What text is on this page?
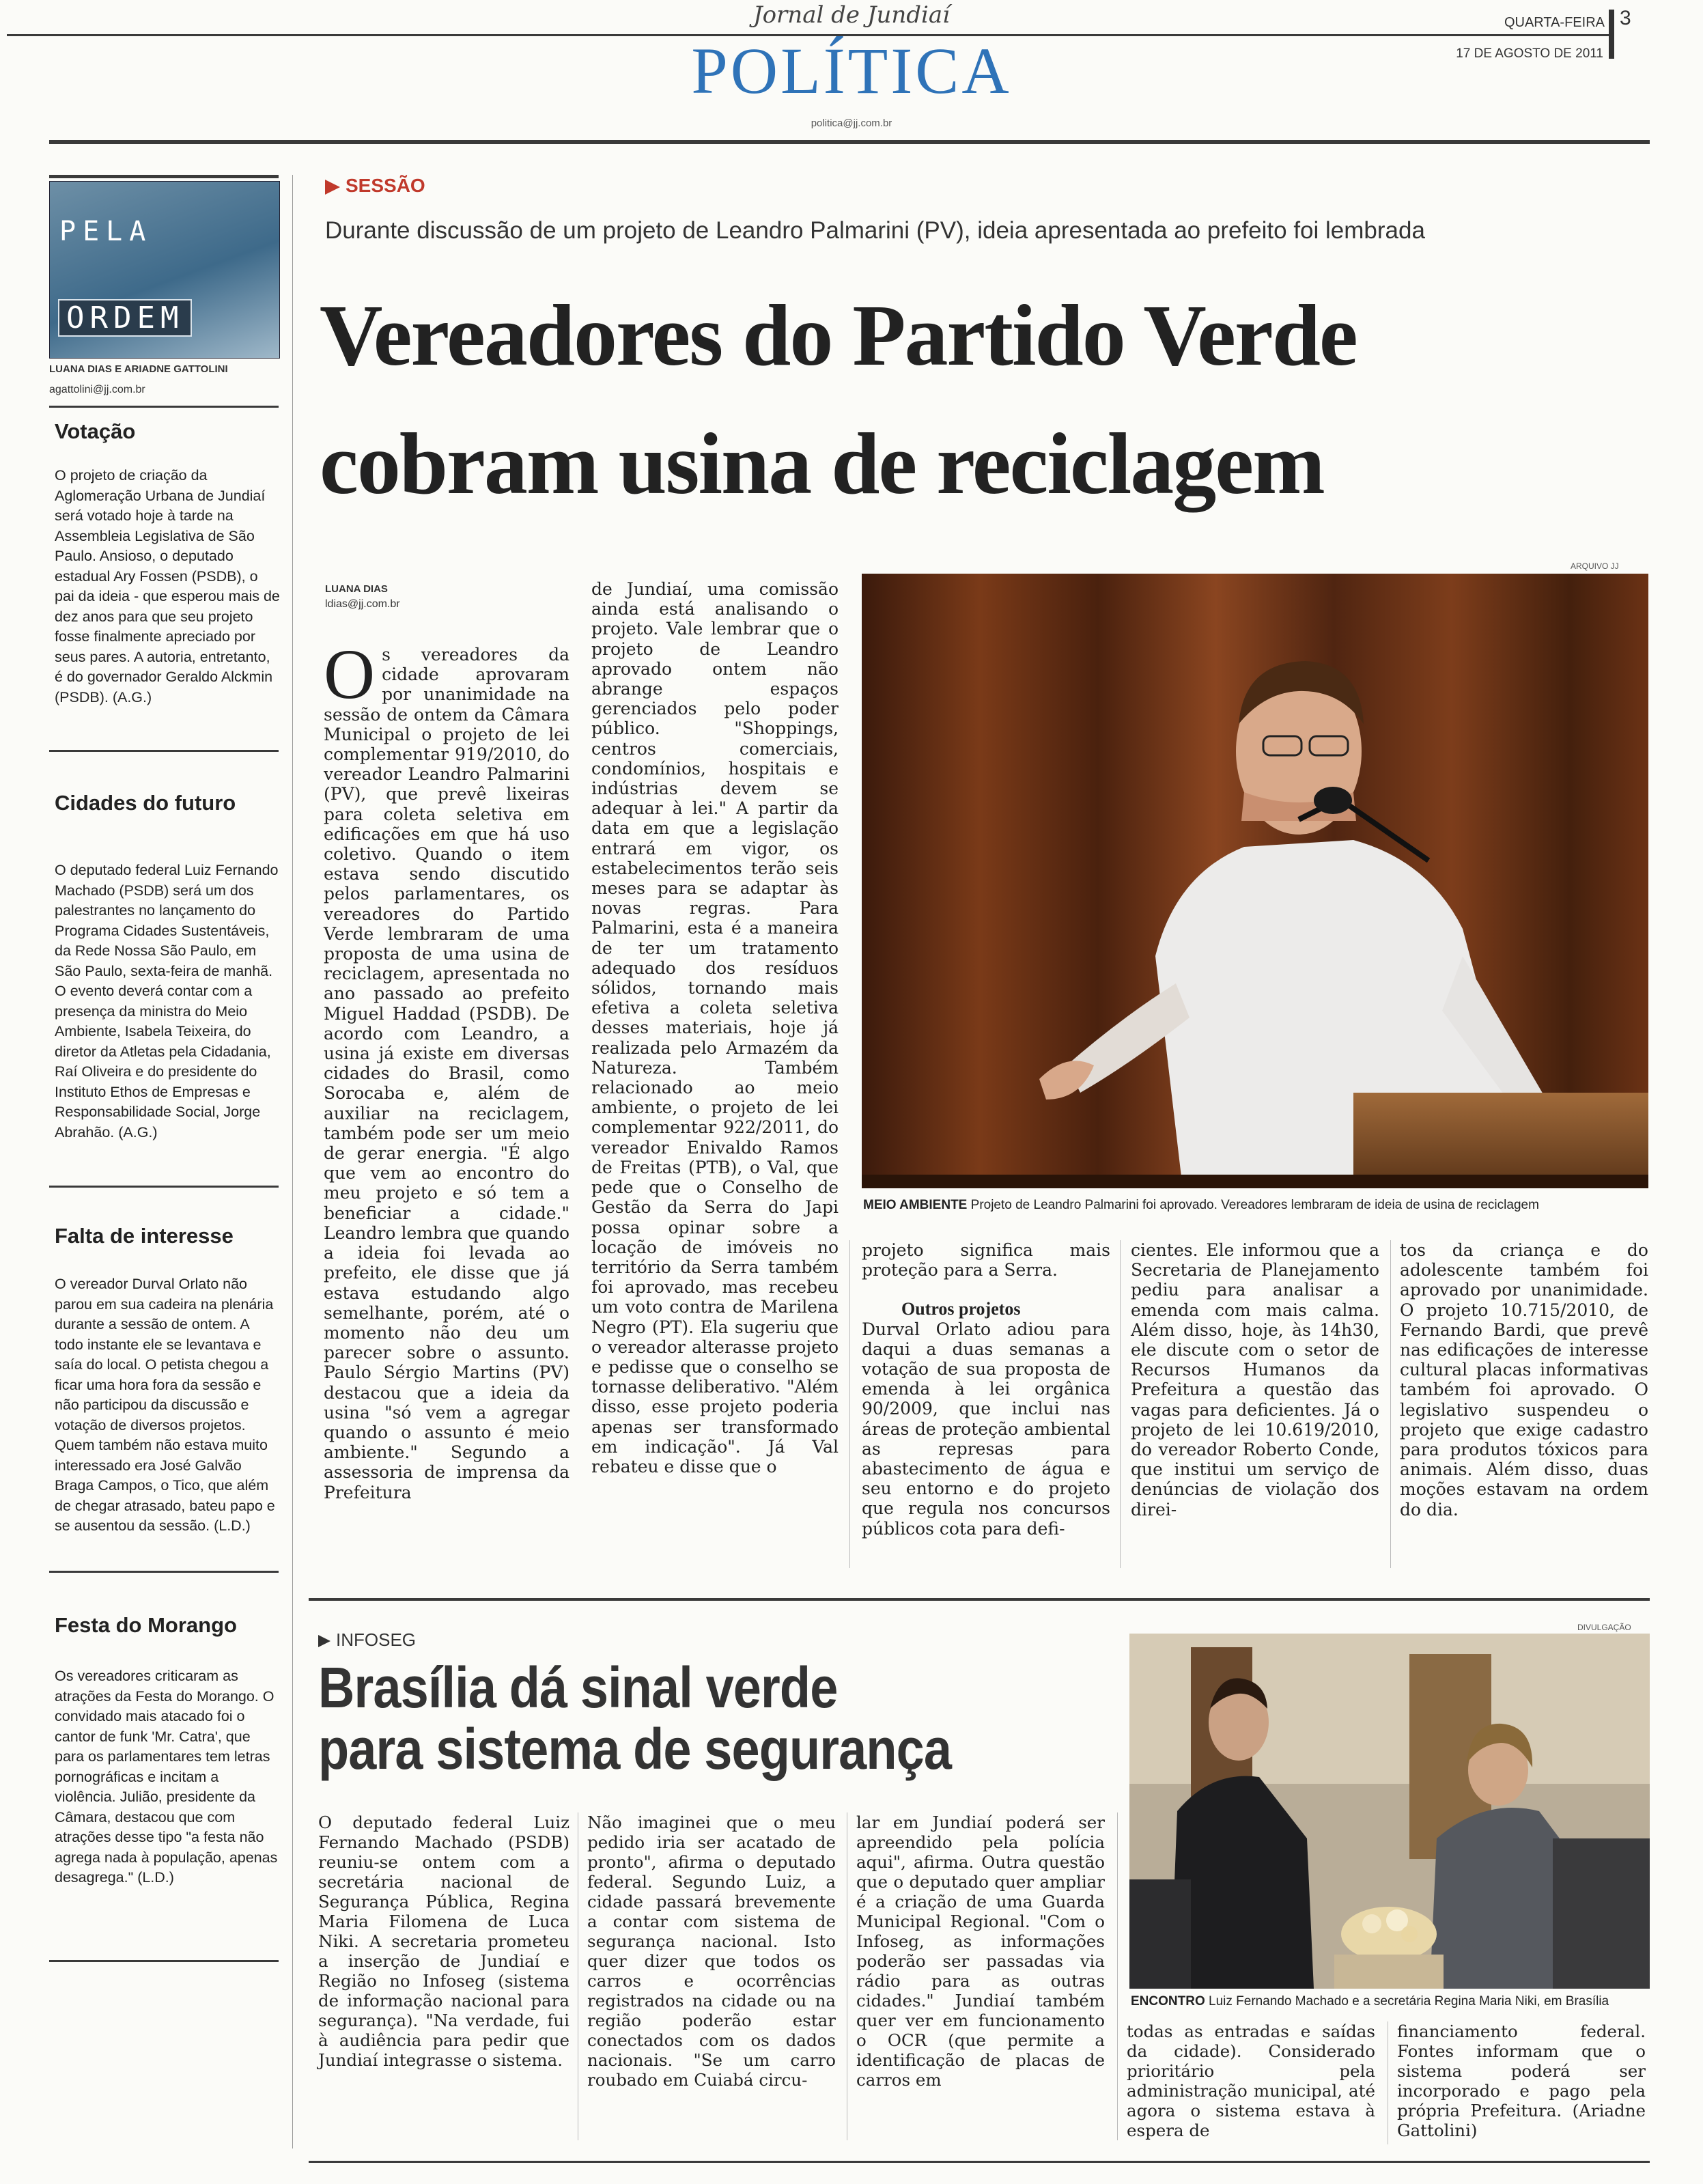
Jornal de Jundiaí	QUARTA-FEIRA
17 DE AGOSTO DE 2011
3
POLÍTICA
politica@jj.com.br
PELA
ORDEM
LUANA DIAS E ARIADNE GATTOLINI
agattolini@jj.com.br
Votação
O projeto de criação da Aglomeração Urbana de Jundiaí será votado hoje à tarde na Assembleia Legislativa de São Paulo. Ansioso, o deputado estadual Ary Fossen (PSDB), o pai da ideia - que esperou mais de dez anos para que seu projeto fosse finalmente apreciado por seus pares. A autoria, entretanto, é do governador Geraldo Alckmin (PSDB). (A.G.)
Cidades do futuro
O deputado federal Luiz Fernando Machado (PSDB) será um dos palestrantes no lançamento do Programa Cidades Sustentáveis, da Rede Nossa São Paulo, em São Paulo, sexta-feira de manhã. O evento deverá contar com a presença da ministra do Meio Ambiente, Isabela Teixeira, do diretor da Atletas pela Cidadania, Raí Oliveira e do presidente do Instituto Ethos de Empresas e Responsabilidade Social, Jorge Abrahão. (A.G.)
Falta de interesse
O vereador Durval Orlato não parou em sua cadeira na plenária durante a sessão de ontem. A todo instante ele se levantava e saía do local. O petista chegou a ficar uma hora fora da sessão e não participou da discussão e votação de diversos projetos. Quem também não estava muito interessado era José Galvão Braga Campos, o Tico, que além de chegar atrasado, bateu papo e se ausentou da sessão. (L.D.)
Festa do Morango
Os vereadores criticaram as atrações da Festa do Morango. O convidado mais atacado foi o cantor de funk 'Mr. Catra', que para os parlamentares tem letras pornográficas e incitam a violência. Julião, presidente da Câmara, destacou que com atrações desse tipo "a festa não agrega nada à população, apenas desagrega." (L.D.)
SESSÃO
Durante discussão de um projeto de Leandro Palmarini (PV), ideia apresentada ao prefeito foi lembrada
Vereadores do Partido Verde
cobram usina de reciclagem
LUANA DIAS
ldias@jj.com.br
Os vereadores da cidade aprovaram por unanimidade na sessão de ontem da Câmara Municipal o projeto de lei complementar 919/2010, do vereador Leandro Palmarini (PV), que prevê lixeiras para coleta seletiva em edificações em que há uso coletivo. Quando o item estava sendo discutido pelos parlamentares, os vereadores do Partido Verde lembraram de uma proposta de uma usina de reciclagem, apresentada no ano passado ao prefeito Miguel Haddad (PSDB). De acordo com Leandro, a usina já existe em diversas cidades do Brasil, como Sorocaba e, além de auxiliar na reciclagem, também pode ser um meio de gerar energia. "É algo que vem ao encontro do meu projeto e só tem a beneficiar a cidade." Leandro lembra que quando a ideia foi levada ao prefeito, ele disse que já estava estudando algo semelhante, porém, até o momento não deu um parecer sobre o assunto. Paulo Sérgio Martins (PV) destacou que a ideia da usina "só vem a agregar quando o assunto é meio ambiente." Segundo a assessoria de imprensa da Prefeitura
de Jundiaí, uma comissão ainda está analisando o projeto. Vale lembrar que o projeto de Leandro aprovado ontem não abrange espaços gerenciados pelo poder público. "Shoppings, centros comerciais, condomínios, hospitais e indústrias devem se adequar à lei." A partir da data em que a legislação entrará em vigor, os estabelecimentos terão seis meses para se adaptar às novas regras. Para Palmarini, esta é a maneira de ter um tratamento adequado dos resíduos sólidos, tornando mais efetiva a coleta seletiva desses materiais, hoje já realizada pelo Armazém da Natureza. Também relacionado ao meio ambiente, o projeto de lei complementar 922/2011, do vereador Enivaldo Ramos de Freitas (PTB), o Val, que pede que o Conselho de Gestão da Serra do Japi possa opinar sobre a locação de imóveis no território da Serra também foi aprovado, mas recebeu um voto contra de Marilena Negro (PT). Ela sugeriu que o vereador alterasse projeto e pedisse que o conselho se tornasse deliberativo. "Além disso, esse projeto poderia apenas ser transformado em indicação". Já Val rebateu e disse que o
ARQUIVO JJ
MEIO AMBIENTE Projeto de Leandro Palmarini foi aprovado. Vereadores lembraram de ideia de usina de reciclagem
projeto significa mais proteção para a Serra.
Outros projetos
Durval Orlato adiou para daqui a duas semanas a votação de sua proposta de emenda à lei orgânica 90/2009, que inclui nas áreas de proteção ambiental as represas para abastecimento de água e seu entorno e do projeto que regula nos concursos públicos cota para defi-
cientes. Ele informou que a Secretaria de Planejamento pediu para analisar a emenda com mais calma. Além disso, hoje, às 14h30, ele discute com o setor de Recursos Humanos da Prefeitura a questão das vagas para deficientes. Já o projeto de lei 10.619/2010, do vereador Roberto Conde, que institui um serviço de denúncias de violação dos direi-
tos da criança e do adolescente também foi aprovado por unanimidade. O projeto 10.715/2010, de Fernando Bardi, que prevê nas edificações de interesse cultural placas informativas também foi aprovado. O legislativo suspendeu o projeto que exige cadastro para produtos tóxicos para animais. Além disso, duas moções estavam na ordem do dia.
INFOSEG
Brasília dá sinal verde
para sistema de segurança
DIVULGAÇÃO
ENCONTRO Luiz Fernando Machado e a secretária Regina Maria Niki, em Brasília
O deputado federal Luiz Fernando Machado (PSDB) reuniu-se ontem com a secretária nacional de Segurança Pública, Regina Maria Filomena de Luca Niki. A secretaria prometeu a inserção de Jundiaí e Região no Infoseg (sistema de informação nacional para segurança). "Na verdade, fui à audiência para pedir que Jundiaí integrasse o sistema.
Não imaginei que o meu pedido iria ser acatado de pronto", afirma o deputado federal. Segundo Luiz, a cidade passará brevemente a contar com sistema de segurança nacional. Isto quer dizer que todos os carros e ocorrências registrados na cidade ou na região poderão estar conectados com os dados nacionais. "Se um carro roubado em Cuiabá circu-
lar em Jundiaí poderá ser apreendido pela polícia aqui", afirma. Outra questão que o deputado quer ampliar é a criação de uma Guarda Municipal Regional. "Com o Infoseg, as informações poderão ser passadas via rádio para as outras cidades." Jundiaí também quer ver em funcionamento o OCR (que permite a identificação de placas de carros em
todas as entradas e saídas da cidade). Considerado prioritário pela administração municipal, até agora o sistema estava à espera de
financiamento federal. Fontes informam que o sistema poderá ser incorporado e pago pela própria Prefeitura. (Ariadne Gattolini)
